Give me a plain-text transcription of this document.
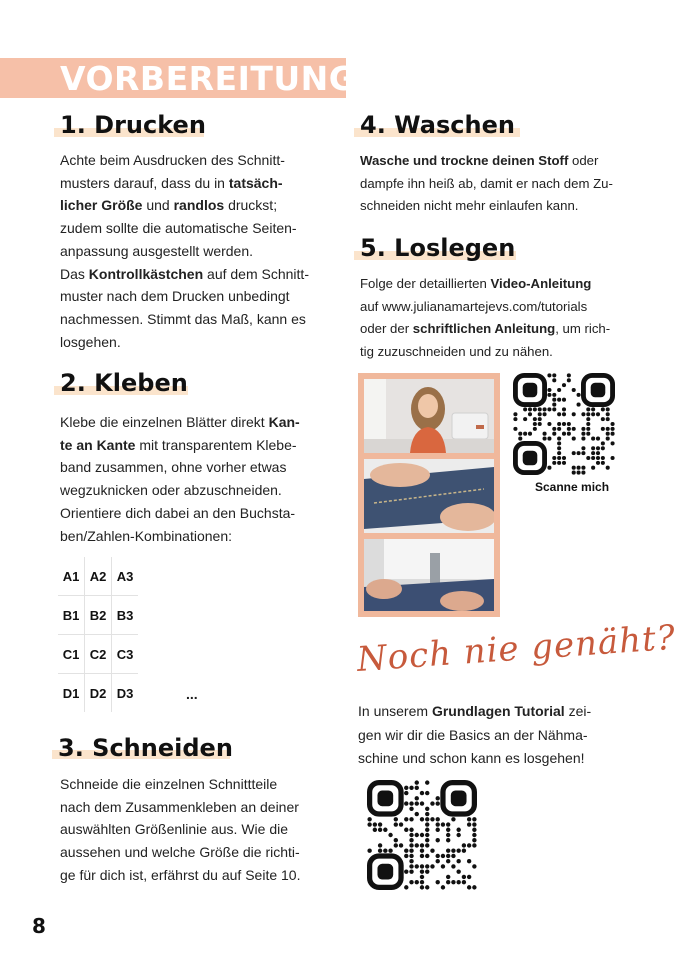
VORBEREITUNG
1. Drucken
Achte beim Ausdrucken des Schnitt-
musters darauf, dass du in tatsäch-
licher Größe und randlos druckst;
zudem sollte die automatische Seiten-
anpassung ausgestellt werden.
Das Kontrollkästchen auf dem Schnitt-
muster nach dem Drucken unbedingt
nachmessen. Stimmt das Maß, kann es
losgehen.
2. Kleben
Klebe die einzelnen Blätter direkt Kan-
te an Kante mit transparentem Klebe-
band zusammen, ohne vorher etwas
wegzuknicken oder abzuschneiden.
Orientiere dich dabei an den Buchsta-
ben/Zahlen-Kombinationen:
A1	A2	A3
B1	B2	B3
C1	C2	C3
D1	D2	D3	...
3. Schneiden
Schneide die einzelnen Schnittteile
nach dem Zusammenkleben an deiner
auswählten Größenlinie aus. Wie die
aussehen und welche Größe die richti-
ge für dich ist, erfährst du auf Seite 10.
4. Waschen
Wasche und trockne deinen Stoff oder
dampfe ihn heiß ab, damit er nach dem Zu-
schneiden nicht mehr einlaufen kann.
5. Loslegen
Folge der detaillierten Video-Anleitung
auf www.julianamartejevs.com/tutorials
oder der schriftlichen Anleitung, um rich-
tig zuzuschneiden und zu nähen.
Scanne mich
Noch nie genäht?
In unserem Grundlagen Tutorial zei-
gen wir dir die Basics an der Nähma-
schine und schon kann es losgehen!
8
